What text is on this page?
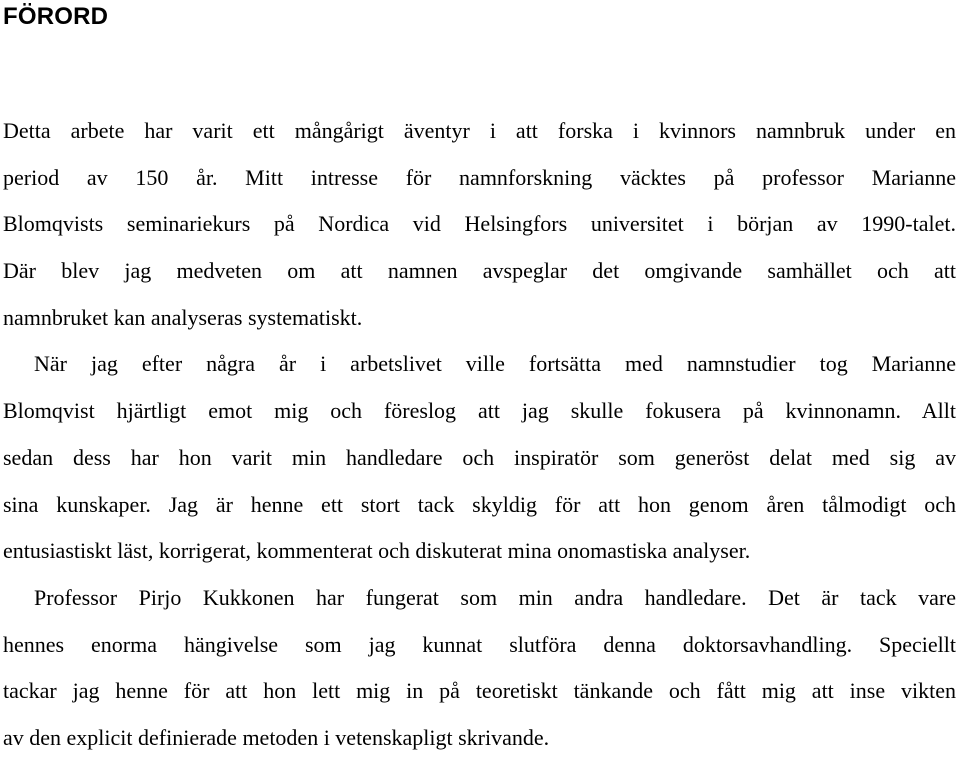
FÖRORD
Detta arbete har varit ett mångårigt äventyr i att forska i kvinnors namnbruk under en
period av 150 år. Mitt intresse för namnforskning väcktes på professor Marianne
Blomqvists seminariekurs på Nordica vid Helsingfors universitet i början av 1990-talet.
Där blev jag medveten om att namnen avspeglar det omgivande samhället och att
namnbruket kan analyseras systematiskt.
När jag efter några år i arbetslivet ville fortsätta med namnstudier tog Marianne
Blomqvist hjärtligt emot mig och föreslog att jag skulle fokusera på kvinnonamn. Allt
sedan dess har hon varit min handledare och inspiratör som generöst delat med sig av
sina kunskaper. Jag är henne ett stort tack skyldig för att hon genom åren tålmodigt och
entusiastiskt läst, korrigerat, kommenterat och diskuterat mina onomastiska analyser.
Professor Pirjo Kukkonen har fungerat som min andra handledare. Det är tack vare
hennes enorma hängivelse som jag kunnat slutföra denna doktorsavhandling. Speciellt
tackar jag henne för att hon lett mig in på teoretiskt tänkande och fått mig att inse vikten
av den explicit definierade metoden i vetenskapligt skrivande.
